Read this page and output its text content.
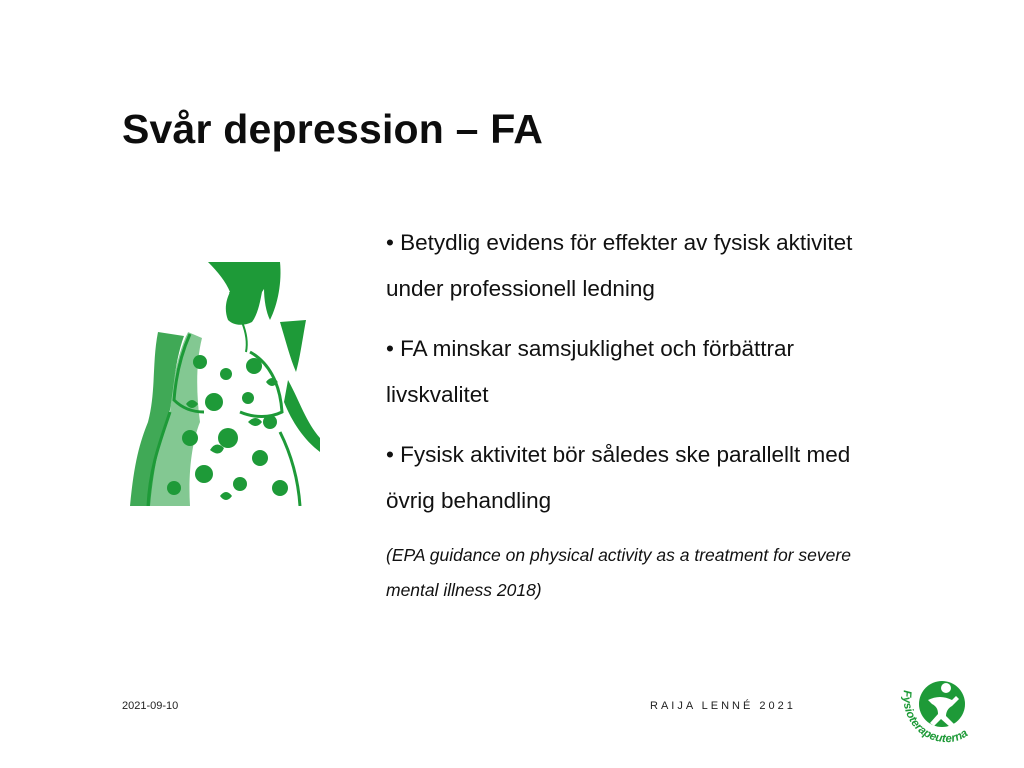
Svår depression – FA

• Betydlig evidens för effekter av fysisk aktivitet under professionell ledning

• FA minskar samsjuklighet och förbättrar livskvalitet

• Fysisk aktivitet bör således ske parallellt med övrig behandling

(EPA guidance on physical activity as a treatment for severe mental illness 2018)

2021-09-10	RAIJA LENNÉ 2021
Fysioterapeuterna
